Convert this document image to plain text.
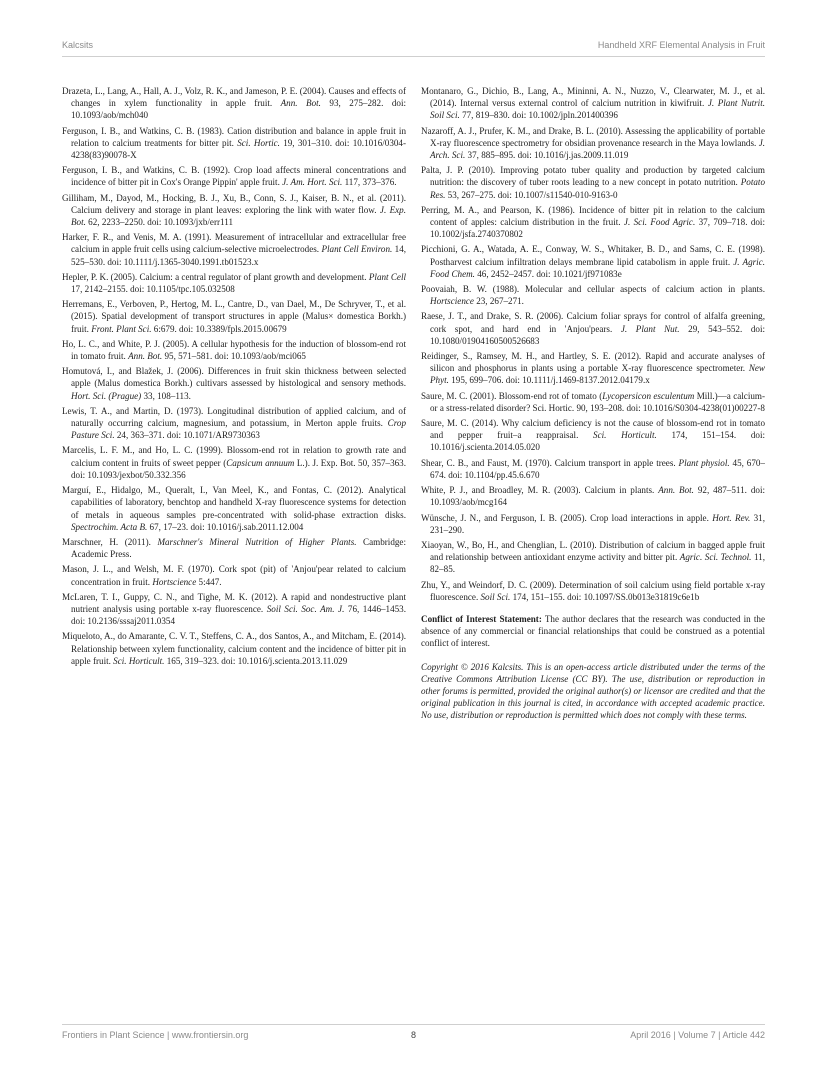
Kalcsits	Handheld XRF Elemental Analysis in Fruit

Drazeta, L., Lang, A., Hall, A. J., Volz, R. K., and Jameson, P. E. (2004). Causes and effects of changes in xylem functionality in apple fruit. Ann. Bot. 93, 275–282. doi: 10.1093/aob/mch040

Ferguson, I. B., and Watkins, C. B. (1983). Cation distribution and balance in apple fruit in relation to calcium treatments for bitter pit. Sci. Hortic. 19, 301–310. doi: 10.1016/0304-4238(83)90078-X

Ferguson, I. B., and Watkins, C. B. (1992). Crop load affects mineral concentrations and incidence of bitter pit in Cox's Orange Pippin' apple fruit. J. Am. Hort. Sci. 117, 373–376.

Gilliham, M., Dayod, M., Hocking, B. J., Xu, B., Conn, S. J., Kaiser, B. N., et al. (2011). Calcium delivery and storage in plant leaves: exploring the link with water flow. J. Exp. Bot. 62, 2233–2250. doi: 10.1093/jxb/err111

Harker, F. R., and Venis, M. A. (1991). Measurement of intracellular and extracellular free calcium in apple fruit cells using calcium-selective microelectrodes. Plant Cell Environ. 14, 525–530. doi: 10.1111/j.1365-3040.1991.tb01523.x

Hepler, P. K. (2005). Calcium: a central regulator of plant growth and development. Plant Cell 17, 2142–2155. doi: 10.1105/tpc.105.032508

Herremans, E., Verboven, P., Hertog, M. L., Cantre, D., van Dael, M., De Schryver, T., et al. (2015). Spatial development of transport structures in apple (Malus× domestica Borkh.) fruit. Front. Plant Sci. 6:679. doi: 10.3389/fpls.2015.00679

Ho, L. C., and White, P. J. (2005). A cellular hypothesis for the induction of blossom-end rot in tomato fruit. Ann. Bot. 95, 571–581. doi: 10.1093/aob/mci065

Homutová, I., and Blažek, J. (2006). Differences in fruit skin thickness between selected apple (Malus domestica Borkh.) cultivars assessed by histological and sensory methods. Hort. Sci. (Prague) 33, 108–113.

Lewis, T. A., and Martin, D. (1973). Longitudinal distribution of applied calcium, and of naturally occurring calcium, magnesium, and potassium, in Merton apple fruits. Crop Pasture Sci. 24, 363–371. doi: 10.1071/AR9730363

Marcelis, L. F. M., and Ho, L. C. (1999). Blossom-end rot in relation to growth rate and calcium content in fruits of sweet pepper (Capsicum annuum L.). J. Exp. Bot. 50, 357–363. doi: 10.1093/jexbot/50.332.356

Marguí, E., Hidalgo, M., Queralt, I., Van Meel, K., and Fontas, C. (2012). Analytical capabilities of laboratory, benchtop and handheld X-ray fluorescence systems for detection of metals in aqueous samples pre-concentrated with solid-phase extraction disks. Spectrochim. Acta B. 67, 17–23. doi: 10.1016/j.sab.2011.12.004

Marschner, H. (2011). Marschner's Mineral Nutrition of Higher Plants. Cambridge: Academic Press.

Mason, J. L., and Welsh, M. F. (1970). Cork spot (pit) of 'Anjou'pear related to calcium concentration in fruit. Hortscience 5:447.

McLaren, T. I., Guppy, C. N., and Tighe, M. K. (2012). A rapid and nondestructive plant nutrient analysis using portable x-ray fluorescence. Soil Sci. Soc. Am. J. 76, 1446–1453. doi: 10.2136/sssaj2011.0354

Miqueloto, A., do Amarante, C. V. T., Steffens, C. A., dos Santos, A., and Mitcham, E. (2014). Relationship between xylem functionality, calcium content and the incidence of bitter pit in apple fruit. Sci. Horticult. 165, 319–323. doi: 10.1016/j.scienta.2013.11.029

Montanaro, G., Dichio, B., Lang, A., Mininni, A. N., Nuzzo, V., Clearwater, M. J., et al. (2014). Internal versus external control of calcium nutrition in kiwifruit. J. Plant Nutrit. Soil Sci. 77, 819–830. doi: 10.1002/jpln.201400396

Nazaroff, A. J., Prufer, K. M., and Drake, B. L. (2010). Assessing the applicability of portable X-ray fluorescence spectrometry for obsidian provenance research in the Maya lowlands. J. Arch. Sci. 37, 885–895. doi: 10.1016/j.jas.2009.11.019

Palta, J. P. (2010). Improving potato tuber quality and production by targeted calcium nutrition: the discovery of tuber roots leading to a new concept in potato nutrition. Potato Res. 53, 267–275. doi: 10.1007/s11540-010-9163-0

Perring, M. A., and Pearson, K. (1986). Incidence of bitter pit in relation to the calcium content of apples: calcium distribution in the fruit. J. Sci. Food Agric. 37, 709–718. doi: 10.1002/jsfa.2740370802

Picchioni, G. A., Watada, A. E., Conway, W. S., Whitaker, B. D., and Sams, C. E. (1998). Postharvest calcium infiltration delays membrane lipid catabolism in apple fruit. J. Agric. Food Chem. 46, 2452–2457. doi: 10.1021/jf971083e

Poovaiah, B. W. (1988). Molecular and cellular aspects of calcium action in plants. Hortscience 23, 267–271.

Raese, J. T., and Drake, S. R. (2006). Calcium foliar sprays for control of alfalfa greening, cork spot, and hard end in 'Anjou'pears. J. Plant Nut. 29, 543–552. doi: 10.1080/01904160500526683

Reidinger, S., Ramsey, M. H., and Hartley, S. E. (2012). Rapid and accurate analyses of silicon and phosphorus in plants using a portable X-ray fluorescence spectrometer. New Phyt. 195, 699–706. doi: 10.1111/j.1469-8137.2012.04179.x

Saure, M. C. (2001). Blossom-end rot of tomato (Lycopersicon esculentum Mill.)—a calcium-or a stress-related disorder? Sci. Hortic. 90, 193–208. doi: 10.1016/S0304-4238(01)00227-8

Saure, M. C. (2014). Why calcium deficiency is not the cause of blossom-end rot in tomato and pepper fruit–a reappraisal. Sci. Horticult. 174, 151–154. doi: 10.1016/j.scienta.2014.05.020

Shear, C. B., and Faust, M. (1970). Calcium transport in apple trees. Plant physiol. 45, 670–674. doi: 10.1104/pp.45.6.670

White, P. J., and Broadley, M. R. (2003). Calcium in plants. Ann. Bot. 92, 487–511. doi: 10.1093/aob/mcg164

Wünsche, J. N., and Ferguson, I. B. (2005). Crop load interactions in apple. Hort. Rev. 31, 231–290.

Xiaoyan, W., Bo, H., and Chenglian, L. (2010). Distribution of calcium in bagged apple fruit and relationship between antioxidant enzyme activity and bitter pit. Agric. Sci. Technol. 11, 82–85.

Zhu, Y., and Weindorf, D. C. (2009). Determination of soil calcium using field portable x-ray fluorescence. Soil Sci. 174, 151–155. doi: 10.1097/SS.0b013e31819c6e1b

Conflict of Interest Statement: The author declares that the research was conducted in the absence of any commercial or financial relationships that could be construed as a potential conflict of interest.

Copyright © 2016 Kalcsits. This is an open-access article distributed under the terms of the Creative Commons Attribution License (CC BY). The use, distribution or reproduction in other forums is permitted, provided the original author(s) or licensor are credited and that the original publication in this journal is cited, in accordance with accepted academic practice. No use, distribution or reproduction is permitted which does not comply with these terms.

Frontiers in Plant Science | www.frontiersin.org	8	April 2016 | Volume 7 | Article 442
